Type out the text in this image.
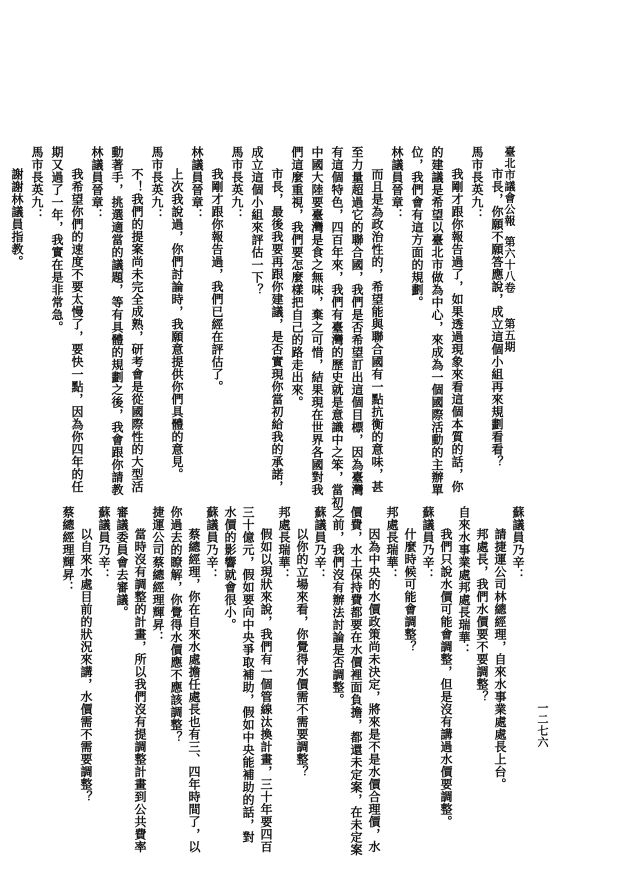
臺北市議會公報
第六十八卷
第五期
一二七六
市長，你願不願答應說，成立這個小組再來規劃看看？
馬市長英九：
我剛才跟你報告過了，如果透過現象來看這個本質的話，你
的建議是希望以臺北市做為中心，來成為一個國際活動的主辦單
位，我們會有這方面的規劃。
林議員晉章：
而且是為政治性的，希望能與聯合國有一點抗衡的意味，甚
至力量超過它的聯合國，我們是否希望訂出這個目標，因為臺灣
有這個特色，四百年來，我們有臺灣的歷史就是意識中之笨，當初
中國大陸要臺灣是食之無味，棄之可惜，結果現在世界各國對我
們這麼重視，我們要怎麼樣把自己的路走出來。
市長，最後我要再跟你建議，是否實現你當初給我的承諾，
成立這個小組來評估一下？
馬市長英九：
我剛才跟你報告過，我們已經在評估了。
林議員晉章：
上次我說過，你們討論時，我願意提供你們具體的意見。
馬市長英九：
不！我們的提案尚未完全成熟，研考會是從國際性的大型活
動著手，挑選適當的議題，等有具體的規劃之後，我會跟你請教
林議員晉章：
我希望你們的速度不要太慢了，要快一點，因為你四年的任
期又過了一年，我實在是非常急。
馬市長英九：
謝謝林議員指教。
蘇議員乃辛：
請捷運公司林總經理，自來水事業處處長上台。
邦處長，我們水價要不要調整？
自來水事業處邦處長瑞華：
我們只說水價可能會調整，但是沒有講過水價要調整。
蘇議員乃辛：
什麼時候可能會調整？
邦處長瑞華：
因為中央的水價政策尚未決定，將來是不是水價合理價，水
價費，水土保持費都要在水價裡面負擔，都還未定案，在未定案
之前，我們沒有辦法討論是否調整。
蘇議員乃辛：
以你的立場來看，你覺得水價需不需要調整？
邦處長瑞華：
假如以現狀來說，我們有一個管線汰換計畫，三十年要四百
三十億元，假如要向中央爭取補助，假如中央能補助的話，對
水價的影響就會很小。
蘇議員乃辛：
蔡總經理，你在自來水處擔任處長也有三、四年時間了，以
你過去的瞭解，你覺得水價應不應該調整？
捷運公司蔡總經理輝昇：
當時沒有調整的計畫，所以我們沒有提調整計畫到公共費率
審議委員會去審議。
蘇議員乃辛：
以自來水處目前的狀況來講，水價需不需要調整？
蔡總經理輝昇：
